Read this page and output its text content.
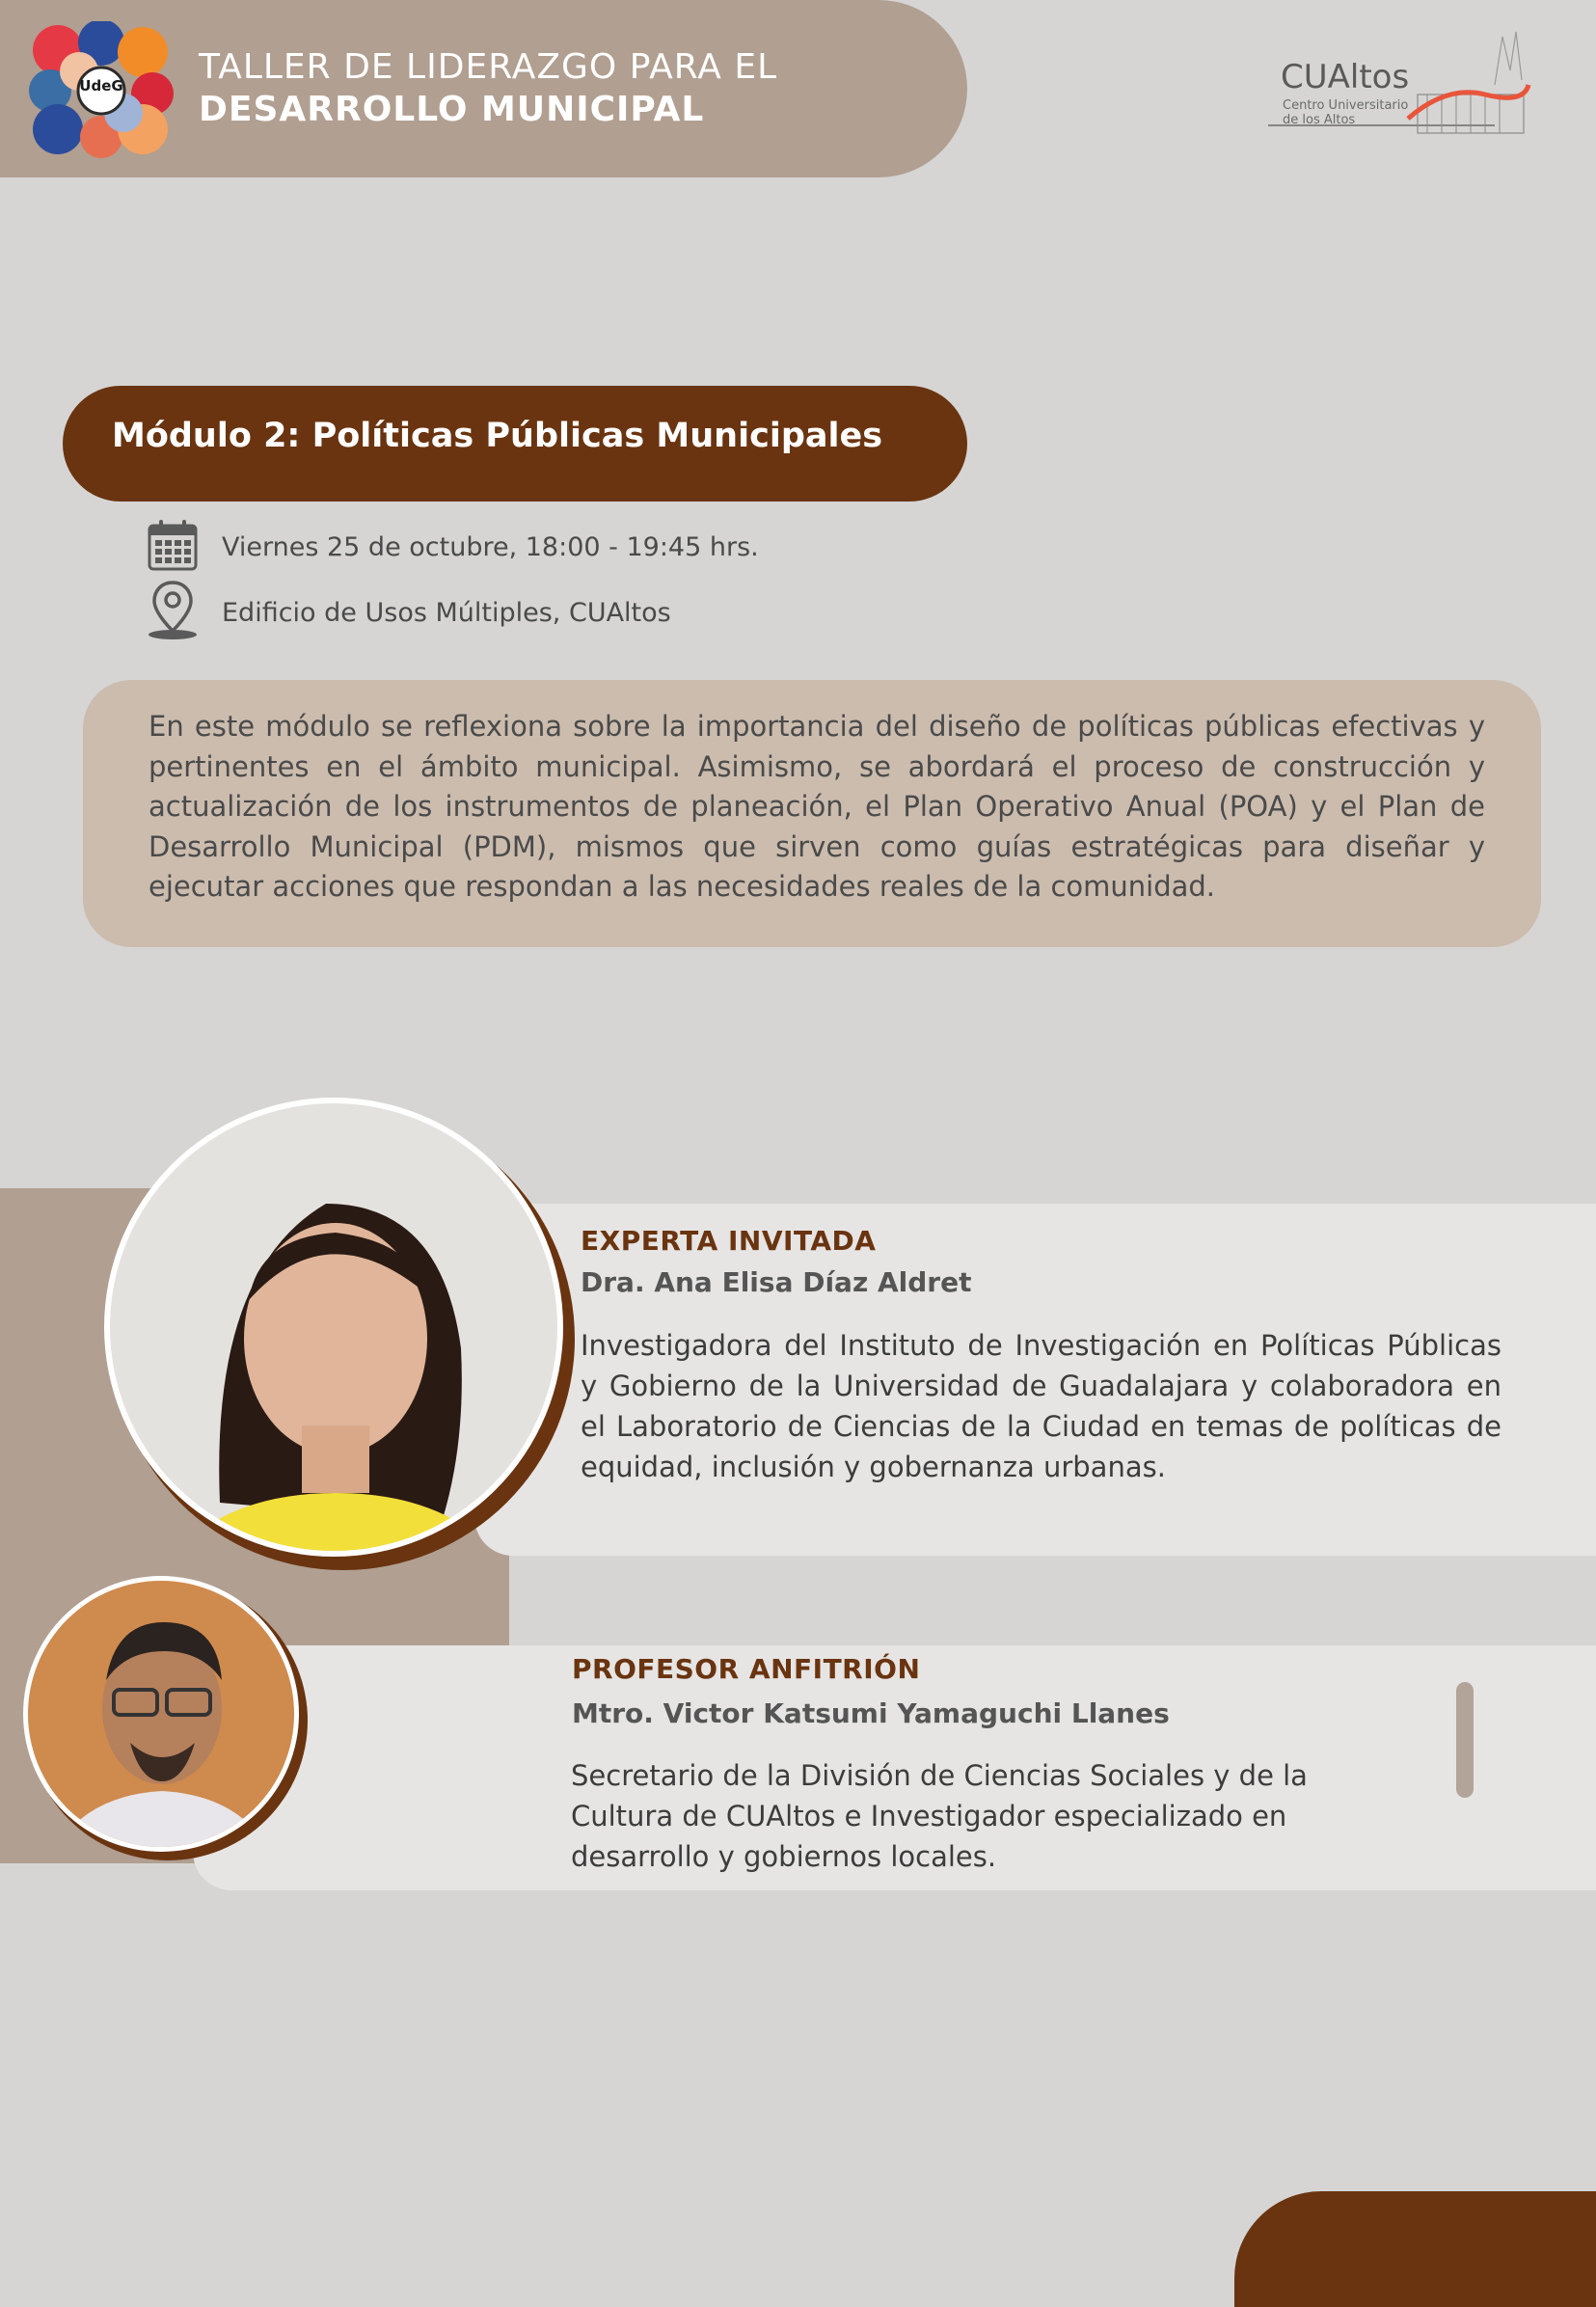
UdeG	TALLER DE LIDERAZGO PARA EL
DESARROLLO MUNICIPAL
CUAltos
Centro Universitario
de los Altos
Módulo 2: Políticas Públicas Municipales
Viernes 25 de octubre, 18:00 - 19:45 hrs.
Edificio de Usos Múltiples, CUAltos
En este módulo se reflexiona sobre la importancia del diseño de políticas públicas efectivas y pertinentes en el ámbito municipal. Asimismo, se abordará el proceso de construcción y actualización de los instrumentos de planeación, el Plan Operativo Anual (POA) y el Plan de Desarrollo Municipal (PDM), mismos que sirven como guías estratégicas para diseñar y ejecutar acciones que respondan a las necesidades reales de la comunidad.
EXPERTA INVITADA
Dra. Ana Elisa Díaz Aldret
Investigadora del Instituto de Investigación en Políticas Públicas y Gobierno de la Universidad de Guadalajara y colaboradora en el Laboratorio de Ciencias de la Ciudad en temas de políticas de equidad, inclusión y gobernanza urbanas.
PROFESOR ANFITRIÓN
Mtro. Victor Katsumi Yamaguchi Llanes
Secretario de la División de Ciencias Sociales y de la Cultura de CUAltos e Investigador especializado en desarrollo y gobiernos locales.
